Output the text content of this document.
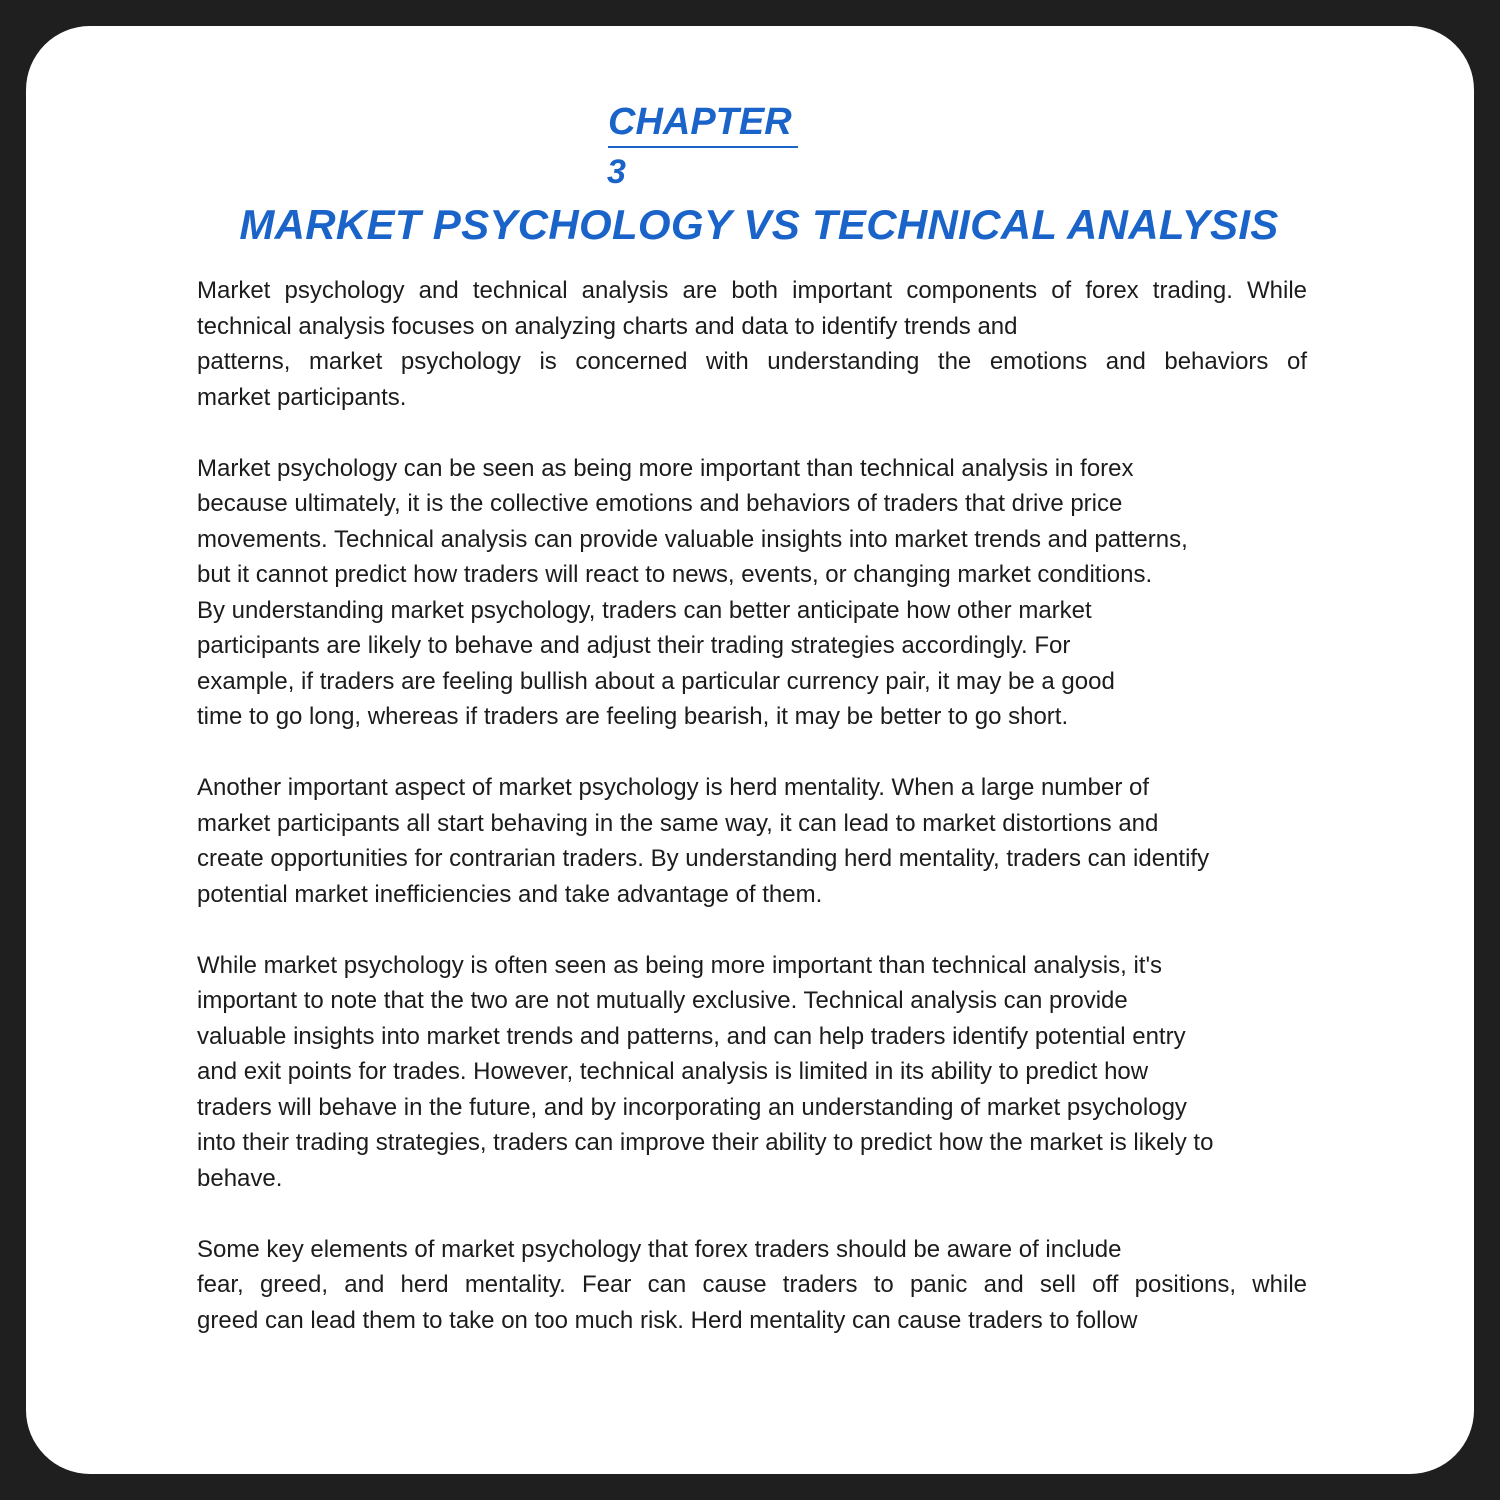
CHAPTER
3
MARKET PSYCHOLOGY VS TECHNICAL ANALYSIS

Market psychology and technical analysis are both important components of forex trading. While
technical analysis focuses on analyzing charts and data to identify trends and
patterns, market psychology is concerned with understanding the emotions and behaviors of
market participants.

Market psychology can be seen as being more important than technical analysis in forex
because ultimately, it is the collective emotions and behaviors of traders that drive price
movements. Technical analysis can provide valuable insights into market trends and patterns,
but it cannot predict how traders will react to news, events, or changing market conditions.
By understanding market psychology, traders can better anticipate how other market
participants are likely to behave and adjust their trading strategies accordingly. For
example, if traders are feeling bullish about a particular currency pair, it may be a good
time to go long, whereas if traders are feeling bearish, it may be better to go short.

Another important aspect of market psychology is herd mentality. When a large number of
market participants all start behaving in the same way, it can lead to market distortions and
create opportunities for contrarian traders. By understanding herd mentality, traders can identify
potential market inefficiencies and take advantage of them.

While market psychology is often seen as being more important than technical analysis, it's
important to note that the two are not mutually exclusive. Technical analysis can provide
valuable insights into market trends and patterns, and can help traders identify potential entry
and exit points for trades. However, technical analysis is limited in its ability to predict how
traders will behave in the future, and by incorporating an understanding of market psychology
into their trading strategies, traders can improve their ability to predict how the market is likely to
behave.

Some key elements of market psychology that forex traders should be aware of include
fear, greed, and herd mentality. Fear can cause traders to panic and sell off positions, while
greed can lead them to take on too much risk. Herd mentality can cause traders to follow
